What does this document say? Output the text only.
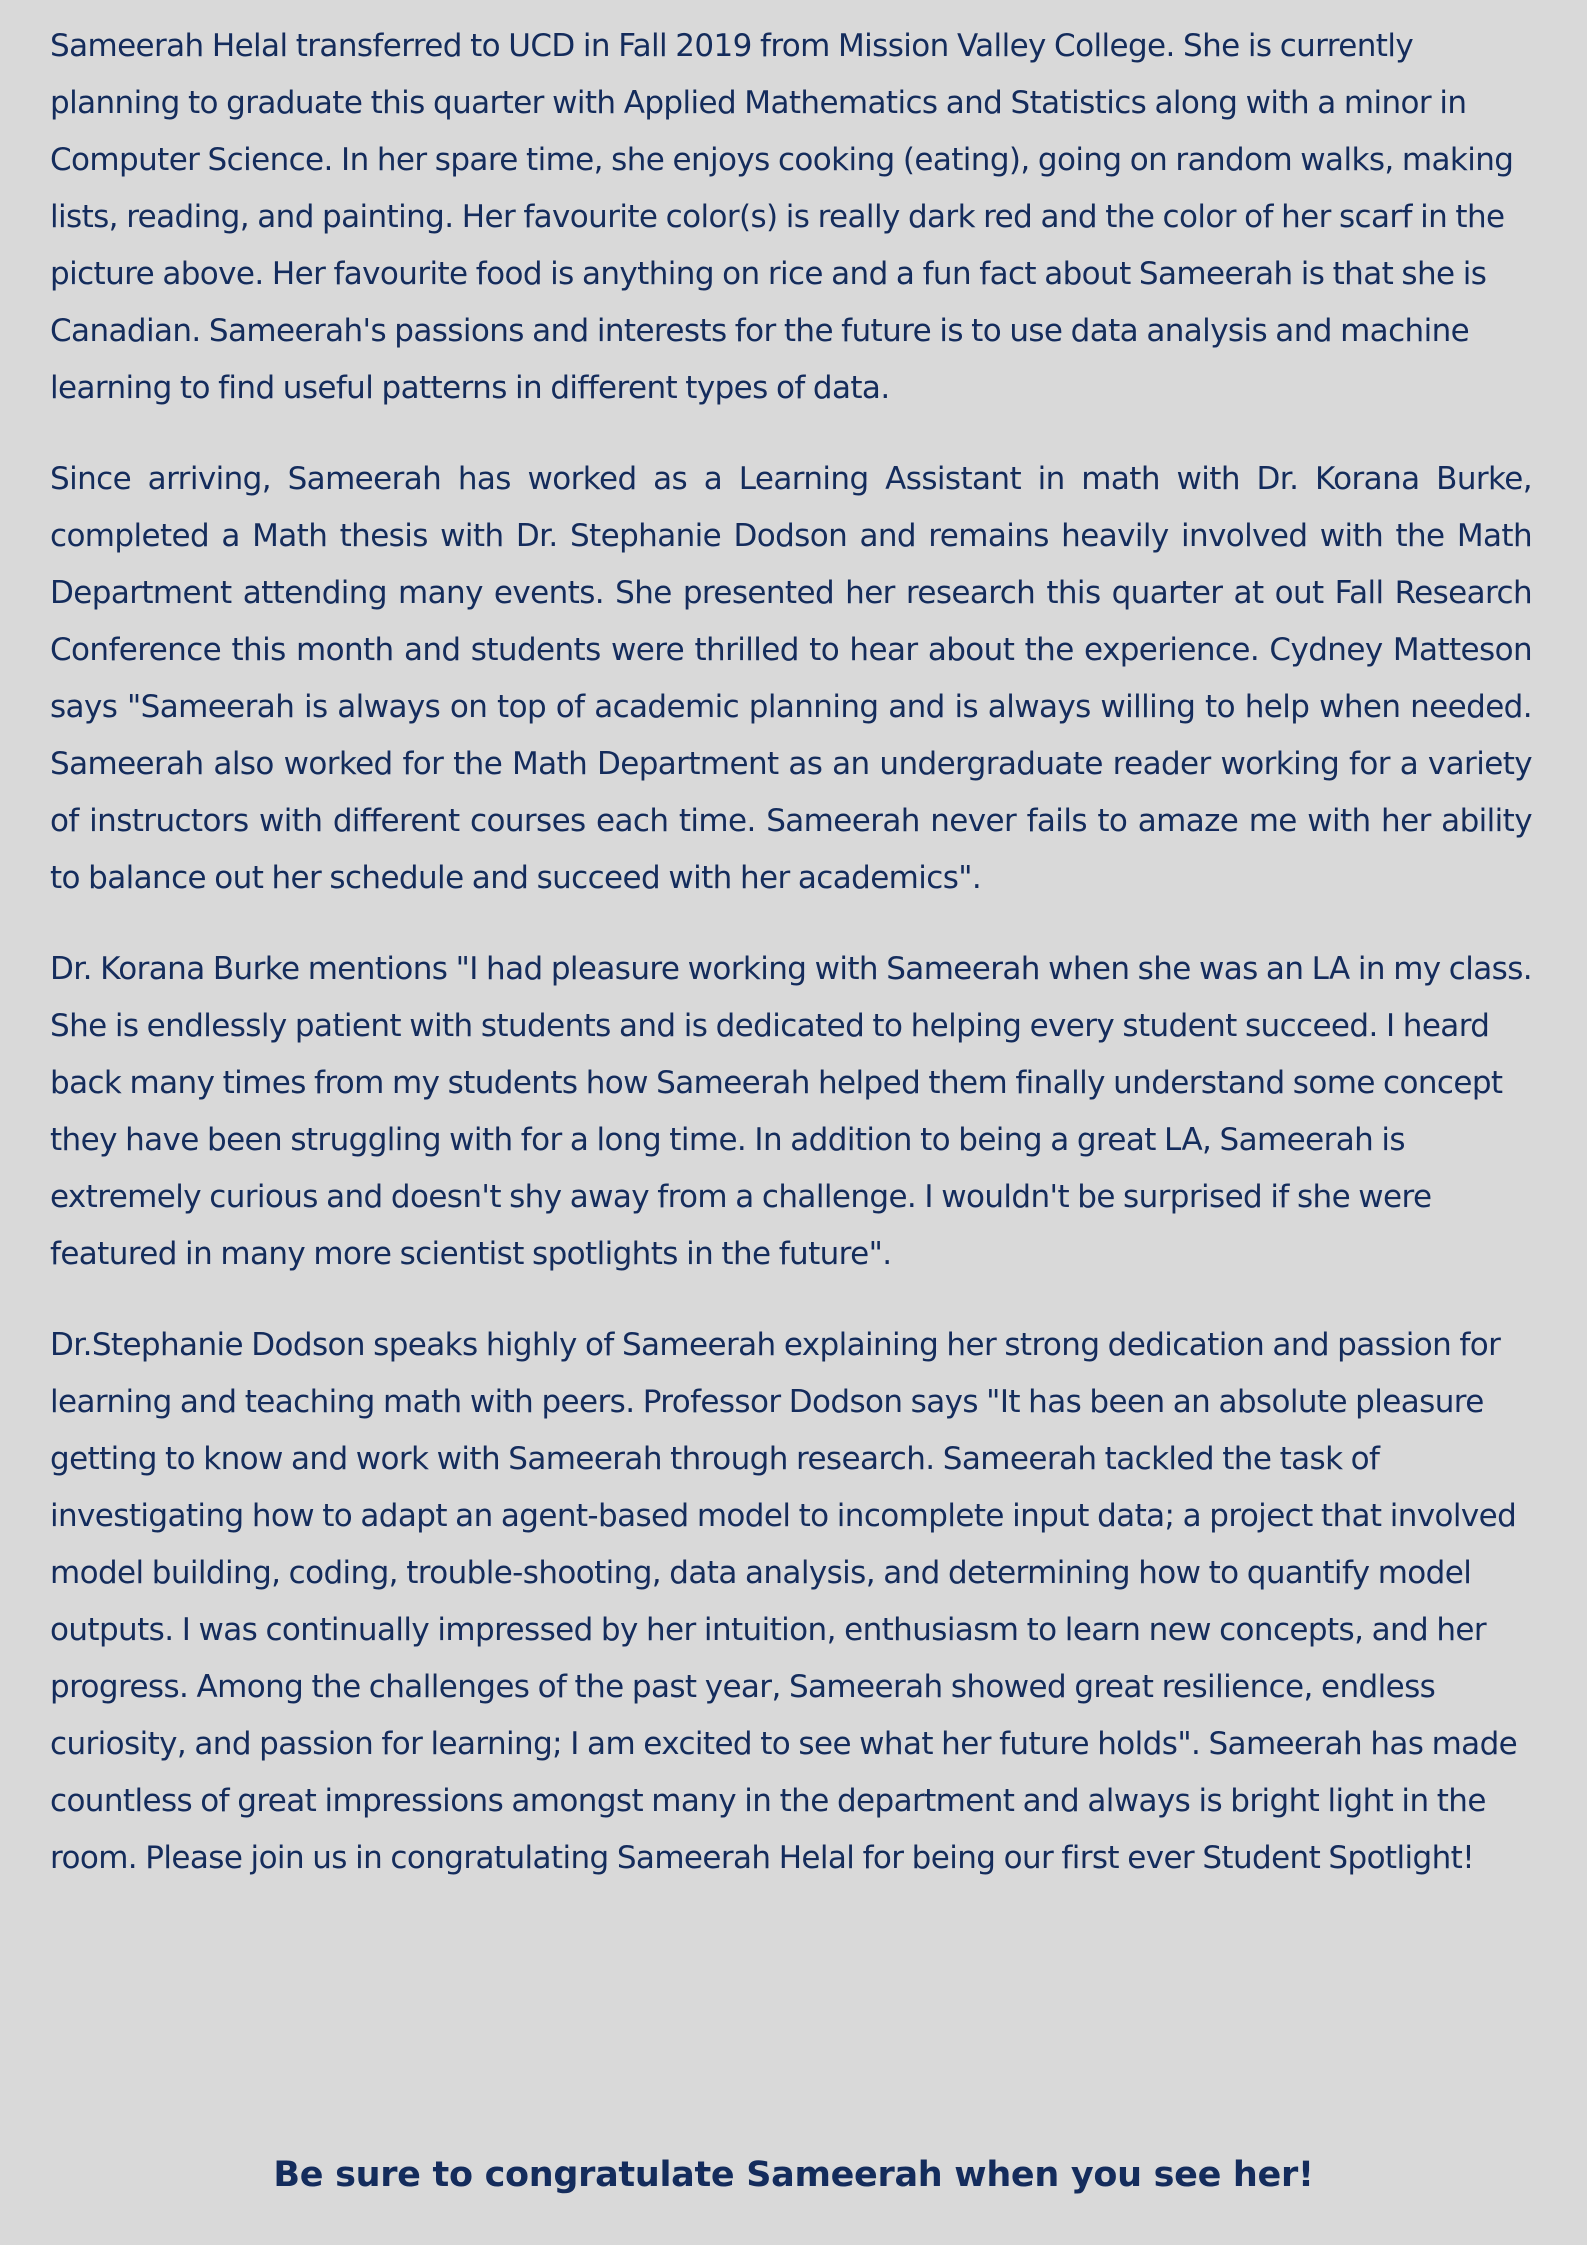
Sameerah Helal transferred to UCD in Fall 2019 from Mission Valley College. She is currently planning to graduate this quarter with Applied Mathematics and Statistics along with a minor in Computer Science. In her spare time, she enjoys cooking (eating), going on random walks, making lists, reading, and painting. Her favourite color(s) is really dark red and the color of her scarf in the picture above. Her favourite food is anything on rice and a fun fact about Sameerah is that she is Canadian. Sameerah's passions and interests for the future is to use data analysis and machine learning to find useful patterns in different types of data.

Since arriving, Sameerah has worked as a Learning Assistant in math with Dr. Korana Burke, completed a Math thesis with Dr. Stephanie Dodson and remains heavily involved with the Math Department attending many events. She presented her research this quarter at out Fall Research Conference this month and students were thrilled to hear about the experience. Cydney Matteson says "Sameerah is always on top of academic planning and is always willing to help when needed. Sameerah also worked for the Math Department as an undergraduate reader working for a variety of instructors with different courses each time. Sameerah never fails to amaze me with her ability to balance out her schedule and succeed with her academics".

Dr. Korana Burke mentions "I had pleasure working with Sameerah when she was an LA in my class. She is endlessly patient with students and is dedicated to helping every student succeed. I heard back many times from my students how Sameerah helped them finally understand some concept they have been struggling with for a long time. In addition to being a great LA, Sameerah is extremely curious and doesn't shy away from a challenge. I wouldn't be surprised if she were featured in many more scientist spotlights in the future".

Dr.Stephanie Dodson speaks highly of Sameerah explaining her strong dedication and passion for learning and teaching math with peers. Professor Dodson says "It has been an absolute pleasure getting to know and work with Sameerah through research. Sameerah tackled the task of investigating how to adapt an agent-based model to incomplete input data; a project that involved model building, coding, trouble-shooting, data analysis, and determining how to quantify model outputs. I was continually impressed by her intuition, enthusiasm to learn new concepts, and her progress. Among the challenges of the past year, Sameerah showed great resilience, endless curiosity, and passion for learning; I am excited to see what her future holds". Sameerah has made countless of great impressions amongst many in the department and always is bright light in the room. Please join us in congratulating Sameerah Helal for being our first ever Student Spotlight!

Be sure to congratulate Sameerah when you see her!
